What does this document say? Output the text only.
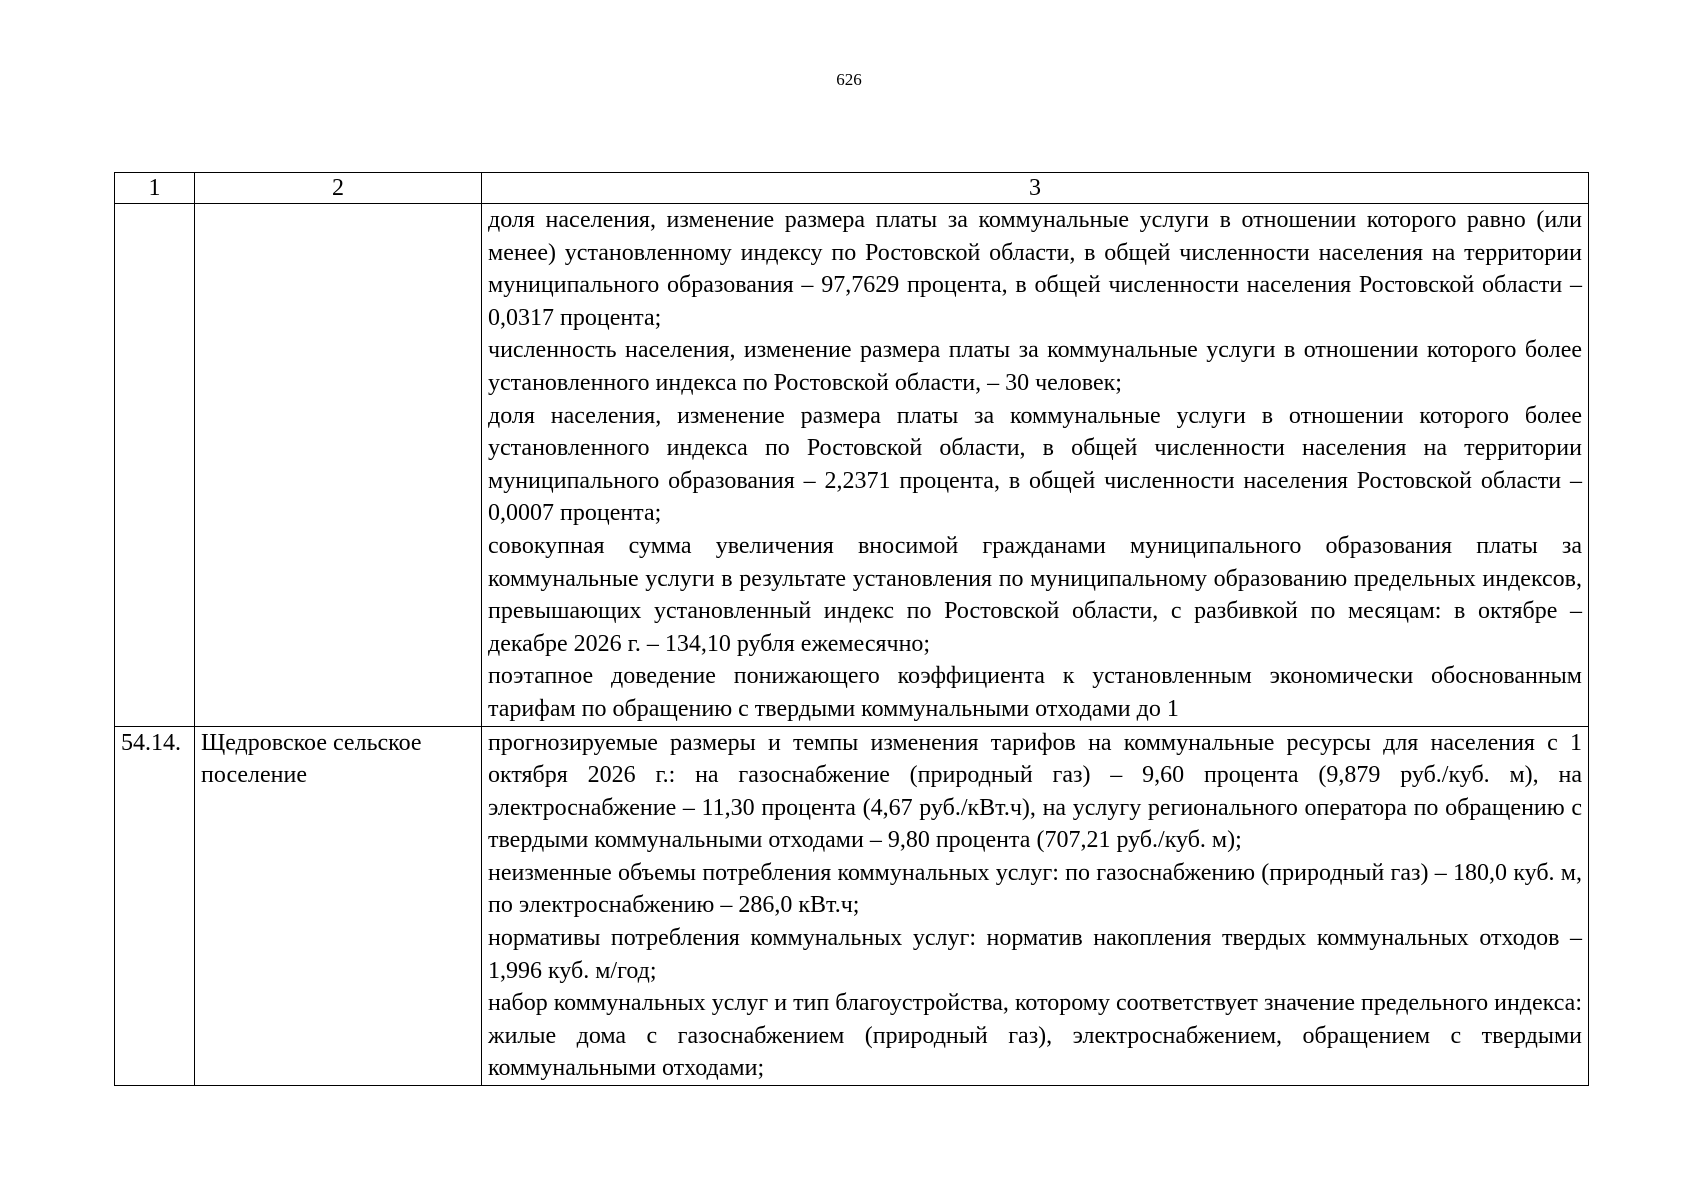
626
1	2	3

		доля населения, изменение размера платы за коммунальные услуги в отношении которого равно (или менее) установленному индексу по Ростовской области, в общей численности населения на территории муниципального образования – 97,7629 процента, в общей численности населения Ростовской области – 0,0317 процента;
численность населения, изменение размера платы за коммунальные услуги в отношении которого более установленного индекса по Ростовской области, – 30 человек;
доля населения, изменение размера платы за коммунальные услуги в отношении которого более установленного индекса по Ростовской области, в общей численности населения на территории муниципального образования – 2,2371 процента, в общей численности населения Ростовской области – 0,0007 процента;
совокупная сумма увеличения вносимой гражданами муниципального образования платы за коммунальные услуги в результате установления по муниципальному образованию предельных индексов, превышающих установленный индекс по Ростовской области, с разбивкой по месяцам: в октябре – декабре 2026 г. – 134,10 рубля ежемесячно;
поэтапное доведение понижающего коэффициента к установленным экономически обоснованным тарифам по обращению с твердыми коммунальными отходами до 1

54.14.	Щедровское сельское поселение	прогнозируемые размеры и темпы изменения тарифов на коммунальные ресурсы для населения с 1 октября 2026 г.: на газоснабжение (природный газ) – 9,60 процента (9,879 руб./куб. м), на электроснабжение – 11,30 процента (4,67 руб./кВт.ч), на услугу регионального оператора по обращению с твердыми коммунальными отходами – 9,80 процента (707,21 руб./куб. м);
неизменные объемы потребления коммунальных услуг: по газоснабжению (природный газ) – 180,0 куб. м, по электроснабжению – 286,0 кВт.ч;
нормативы потребления коммунальных услуг: норматив накопления твердых коммунальных отходов – 1,996 куб. м/год;
набор коммунальных услуг и тип благоустройства, которому соответствует значение предельного индекса: жилые дома с газоснабжением (природный газ), электроснабжением, обращением с твердыми коммунальными отходами;
